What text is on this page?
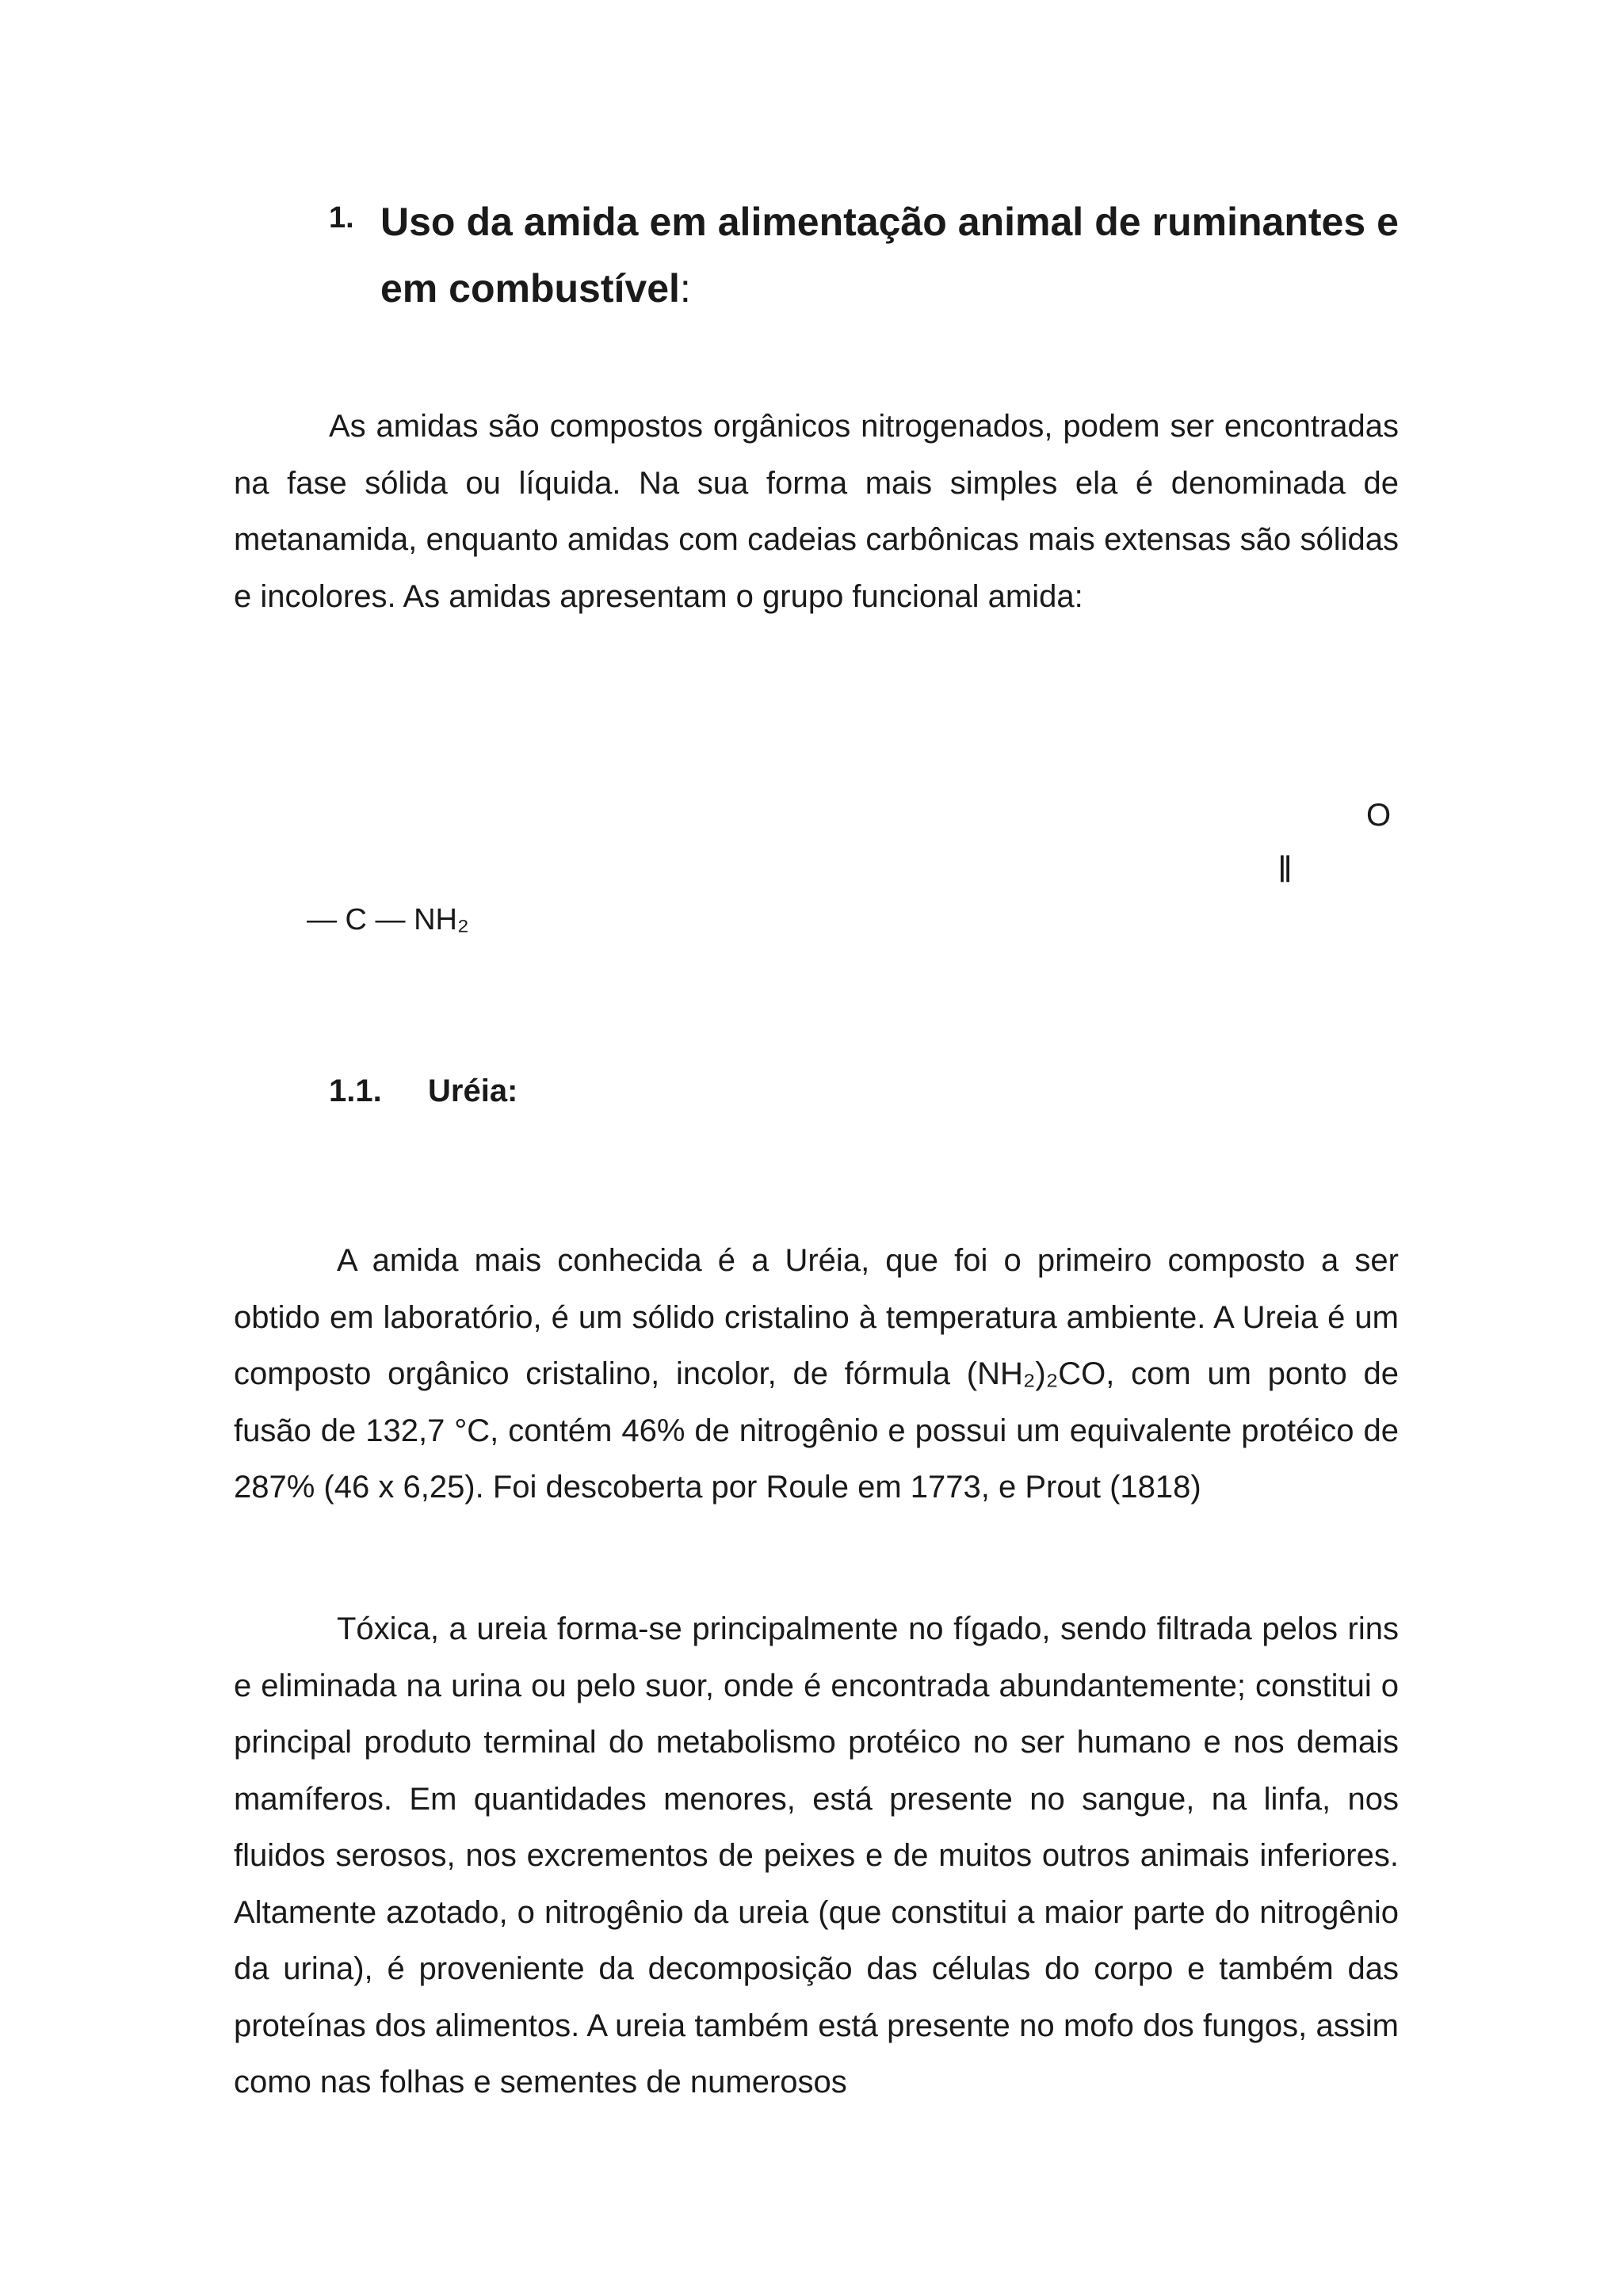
1. Uso da amida em alimentação animal de ruminantes e em combustível:

As amidas são compostos orgânicos nitrogenados, podem ser encontradas na fase sólida ou líquida. Na sua forma mais simples ela é denominada de metanamida, enquanto amidas com cadeias carbônicas mais extensas são sólidas e incolores. As amidas apresentam o grupo funcional amida:

O
‖
— C — NH₂
1.1. Uréia:

A amida mais conhecida é a Uréia, que foi o primeiro composto a ser obtido em laboratório, é um sólido cristalino à temperatura ambiente. A Ureia é um composto orgânico cristalino, incolor, de fórmula (NH₂)₂CO, com um ponto de fusão de 132,7 °C, contém 46% de nitrogênio e possui um equivalente protéico de 287% (46 x 6,25). Foi descoberta por Roule em 1773, e Prout (1818)

Tóxica, a ureia forma-se principalmente no fígado, sendo filtrada pelos rins e eliminada na urina ou pelo suor, onde é encontrada abundantemente; constitui o principal produto terminal do metabolismo protéico no ser humano e nos demais mamíferos. Em quantidades menores, está presente no sangue, na linfa, nos fluidos serosos, nos excrementos de peixes e de muitos outros animais inferiores. Altamente azotado, o nitrogênio da ureia (que constitui a maior parte do nitrogênio da urina), é proveniente da decomposição das células do corpo e também das proteínas dos alimentos. A ureia também está presente no mofo dos fungos, assim como nas folhas e sementes de numerosos
